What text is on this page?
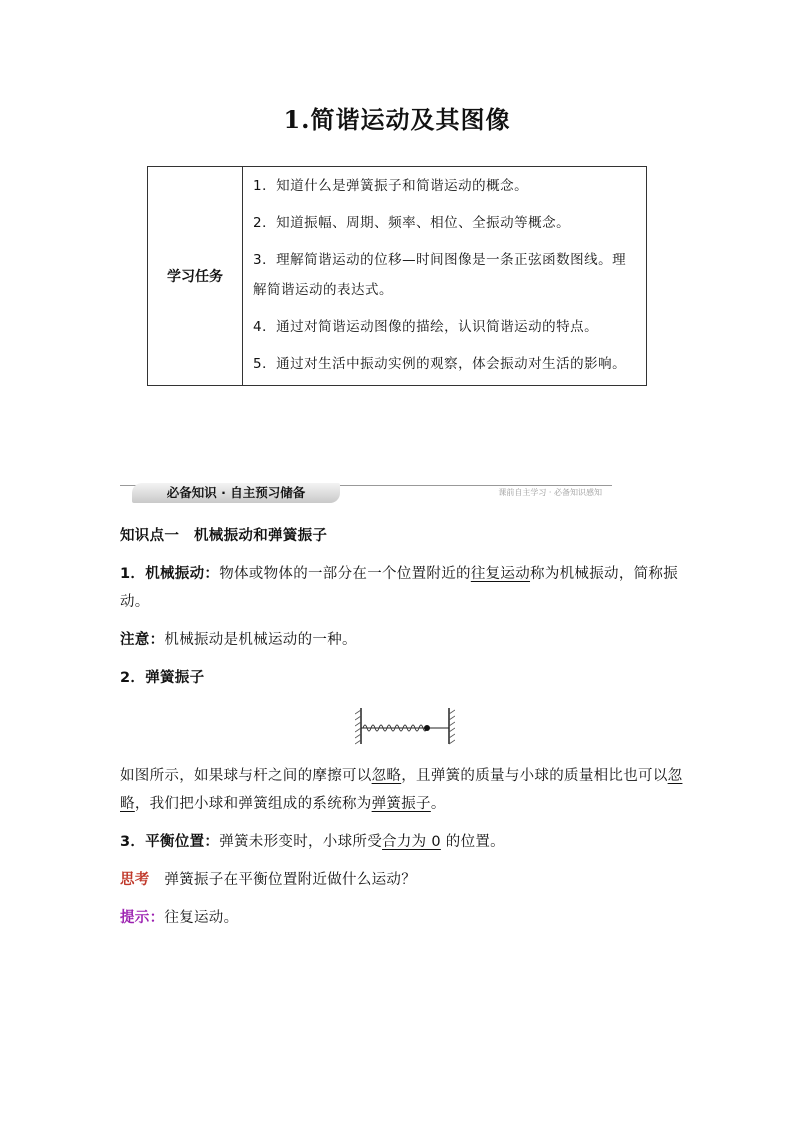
1.简谐运动及其图像
学习任务	
1．知道什么是弹簧振子和简谐运动的概念。
2．知道振幅、周期、频率、相位、全振动等概念。
3．理解简谐运动的位移—时间图像是一条正弦函数图线。理解简谐运动的表达式。
4．通过对简谐运动图像的描绘，认识简谐运动的特点。
5．通过对生活中振动实例的观察，体会振动对生活的影响。
必备知识 · 自主预习储备	课前自主学习 · 必备知识感知

知识点一　机械振动和弹簧振子

1．机械振动：物体或物体的一部分在一个位置附近的往复运动称为机械振动，简称振动。

注意：机械振动是机械运动的一种。

2．弹簧振子

如图所示，如果球与杆之间的摩擦可以忽略，且弹簧的质量与小球的质量相比也可以忽略，我们把小球和弹簧组成的系统称为弹簧振子。

3．平衡位置：弹簧未形变时，小球所受合力为 0 的位置。

思考　 弹簧振子在平衡位置附近做什么运动？

提示：往复运动。
